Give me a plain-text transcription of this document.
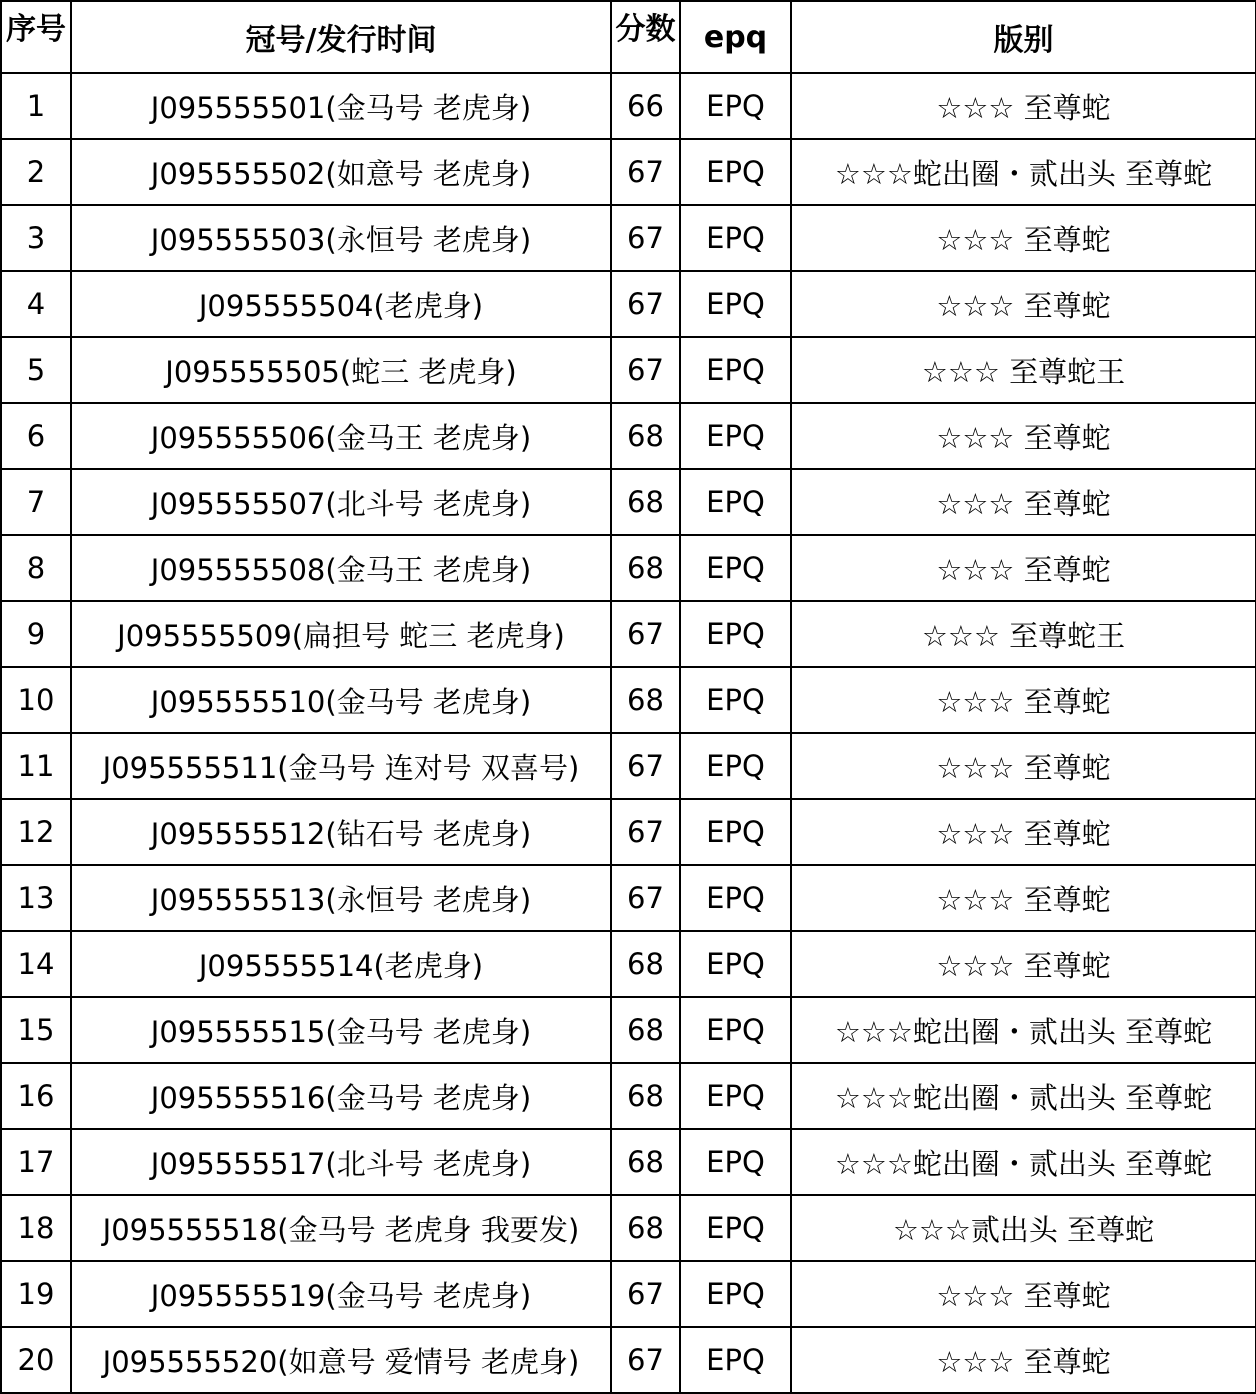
序号	冠号/发行时间	分数	epq	版别
1	J095555501(金马号 老虎身)	66	EPQ	☆☆☆ 至尊蛇
2	J095555502(如意号 老虎身)	67	EPQ	☆☆☆蛇出圈・贰出头 至尊蛇
3	J095555503(永恒号 老虎身)	67	EPQ	☆☆☆ 至尊蛇
4	J095555504(老虎身)	67	EPQ	☆☆☆ 至尊蛇
5	J095555505(蛇三 老虎身)	67	EPQ	☆☆☆ 至尊蛇王
6	J095555506(金马王 老虎身)	68	EPQ	☆☆☆ 至尊蛇
7	J095555507(北斗号 老虎身)	68	EPQ	☆☆☆ 至尊蛇
8	J095555508(金马王 老虎身)	68	EPQ	☆☆☆ 至尊蛇
9	J095555509(扁担号 蛇三 老虎身)	67	EPQ	☆☆☆ 至尊蛇王
10	J095555510(金马号 老虎身)	68	EPQ	☆☆☆ 至尊蛇
11	J095555511(金马号 连对号 双喜号)	67	EPQ	☆☆☆ 至尊蛇
12	J095555512(钻石号 老虎身)	67	EPQ	☆☆☆ 至尊蛇
13	J095555513(永恒号 老虎身)	67	EPQ	☆☆☆ 至尊蛇
14	J095555514(老虎身)	68	EPQ	☆☆☆ 至尊蛇
15	J095555515(金马号 老虎身)	68	EPQ	☆☆☆蛇出圈・贰出头 至尊蛇
16	J095555516(金马号 老虎身)	68	EPQ	☆☆☆蛇出圈・贰出头 至尊蛇
17	J095555517(北斗号 老虎身)	68	EPQ	☆☆☆蛇出圈・贰出头 至尊蛇
18	J095555518(金马号 老虎身 我要发)	68	EPQ	☆☆☆贰出头 至尊蛇
19	J095555519(金马号 老虎身)	67	EPQ	☆☆☆ 至尊蛇
20	J095555520(如意号 爱情号 老虎身)	67	EPQ	☆☆☆ 至尊蛇
